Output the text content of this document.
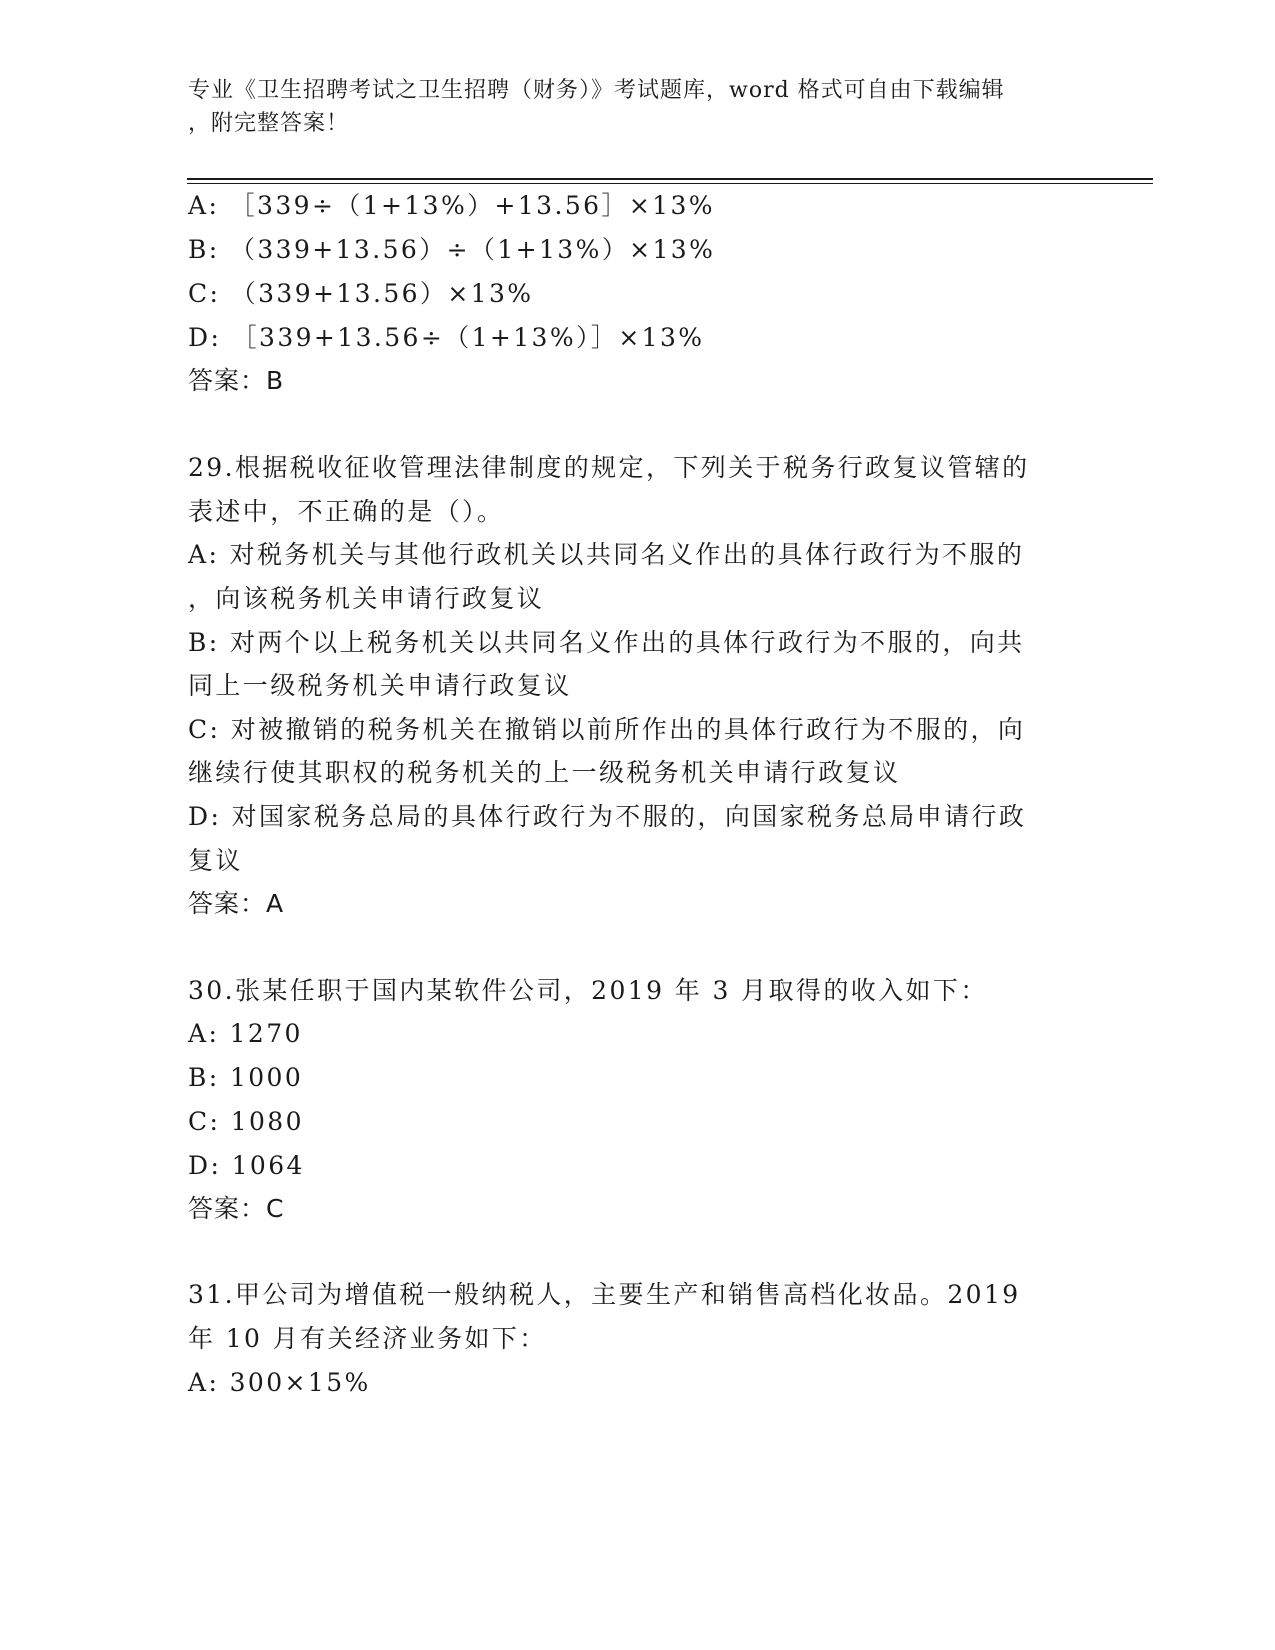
专业《卫生招聘考试之卫生招聘（财务）》考试题库，word 格式可自由下载编辑
，附完整答案！
A: ［339÷（1+13%）+13.56］×13%
B: （339+13.56）÷（1+13%）×13%
C: （339+13.56）×13%
D: ［339+13.56÷（1+13%）］×13%
答案：B
29.根据税收征收管理法律制度的规定，下列关于税务行政复议管辖的
表述中，不正确的是（）。
A: 对税务机关与其他行政机关以共同名义作出的具体行政行为不服的
，向该税务机关申请行政复议
B: 对两个以上税务机关以共同名义作出的具体行政行为不服的，向共
同上一级税务机关申请行政复议
C: 对被撤销的税务机关在撤销以前所作出的具体行政行为不服的，向
继续行使其职权的税务机关的上一级税务机关申请行政复议
D: 对国家税务总局的具体行政行为不服的，向国家税务总局申请行政
复议
答案：A
30.张某任职于国内某软件公司，2019 年 3 月取得的收入如下：
A: 1270
B: 1000
C: 1080
D: 1064
答案：C
31.甲公司为增值税一般纳税人，主要生产和销售高档化妆品。2019
年 10 月有关经济业务如下：
A: 300×15%
